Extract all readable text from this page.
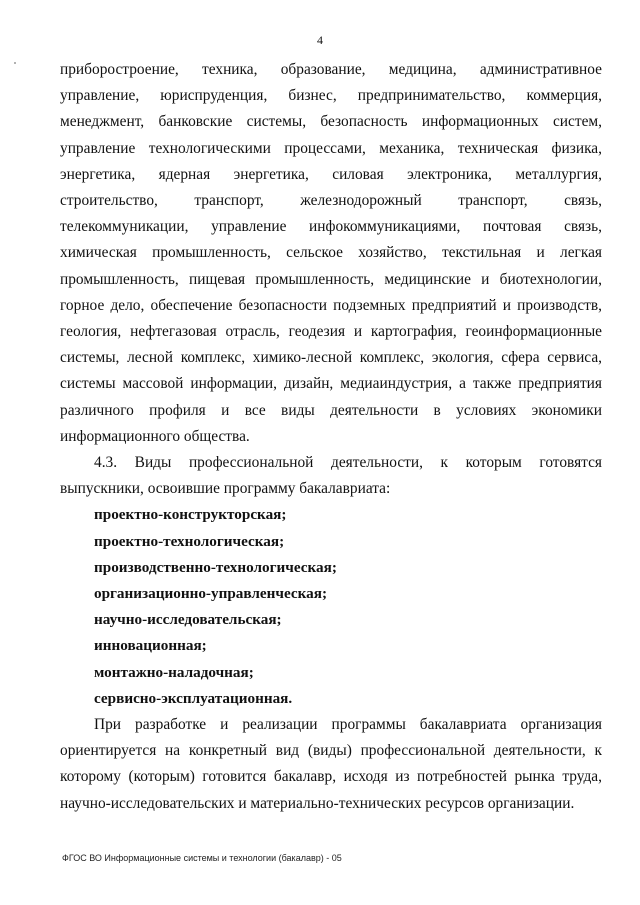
4

приборостроение, техника, образование, медицина, административное управление, юриспруденция, бизнес, предпринимательство, коммерция, менеджмент, банковские системы, безопасность информационных систем, управление технологическими процессами, механика, техническая физика, энергетика, ядерная энергетика, силовая электроника, металлургия, строительство, транспорт, железнодорожный транспорт, связь, телекоммуникации, управление инфокоммуникациями, почтовая связь, химическая промышленность, сельское хозяйство, текстильная и легкая промышленность, пищевая промышленность, медицинские и биотехнологии, горное дело, обеспечение безопасности подземных предприятий и производств, геология, нефтегазовая отрасль, геодезия и картография, геоинформационные системы, лесной комплекс, химико-лесной комплекс, экология, сфера сервиса, системы массовой информации, дизайн, медиаиндустрия, а также предприятия различного профиля и все виды деятельности в условиях экономики информационного общества.

4.3. Виды профессиональной деятельности, к которым готовятся выпускники, освоившие программу бакалавриата:

проектно-конструкторская;
проектно-технологическая;
производственно-технологическая;
организационно-управленческая;
научно-исследовательская;
инновационная;
монтажно-наладочная;
сервисно-эксплуатационная.

При разработке и реализации программы бакалавриата организация ориентируется на конкретный вид (виды) профессиональной деятельности, к которому (которым) готовится бакалавр, исходя из потребностей рынка труда, научно-исследовательских и материально-технических ресурсов организации.

ФГОС ВО Информационные системы и технологии (бакалавр) - 05
